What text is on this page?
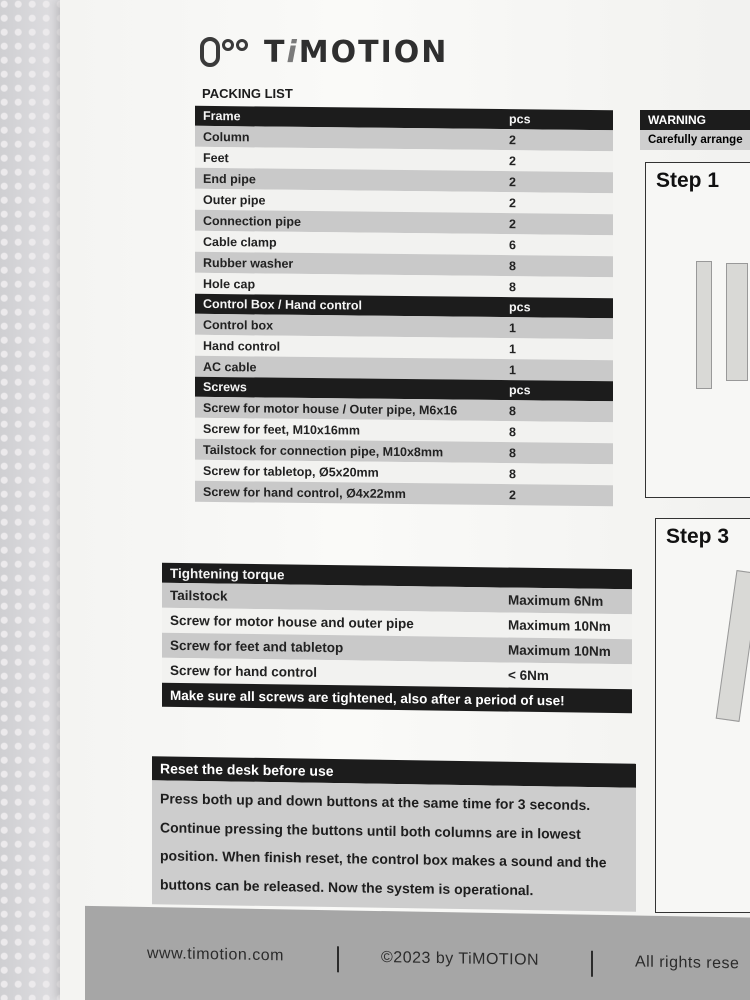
TiMOTION
PACKING LIST
Frame	pcs
Column	2
Feet	2
End pipe	2
Outer pipe	2
Connection pipe	2
Cable clamp	6
Rubber washer	8
Hole cap	8
Control Box / Hand control	pcs
Control box	1
Hand control	1
AC cable	1
Screws	pcs
Screw for motor house / Outer pipe, M6x16	8
Screw for feet, M10x16mm	8
Tailstock for connection pipe, M10x8mm	8
Screw for tabletop, Ø5x20mm	8
Screw for hand control, Ø4x22mm	2
WARNING
Carefully arrange
Step 1
Step 3
Tightening torque	
Tailstock	Maximum 6Nm
Screw for motor house and outer pipe	Maximum 10Nm
Screw for feet and tabletop	Maximum 10Nm
Screw for hand control	< 6Nm
Make sure all screws are tightened, also after a period of use!	
Reset the desk before use
Press both up and down buttons at the same time for 3 seconds.
Continue pressing the buttons until both columns are in lowest
position. When finish reset, the control box makes a sound and the
buttons can be released. Now the system is operational.
www.timotion.com	©2023 by TiMOTION	All rights rese
